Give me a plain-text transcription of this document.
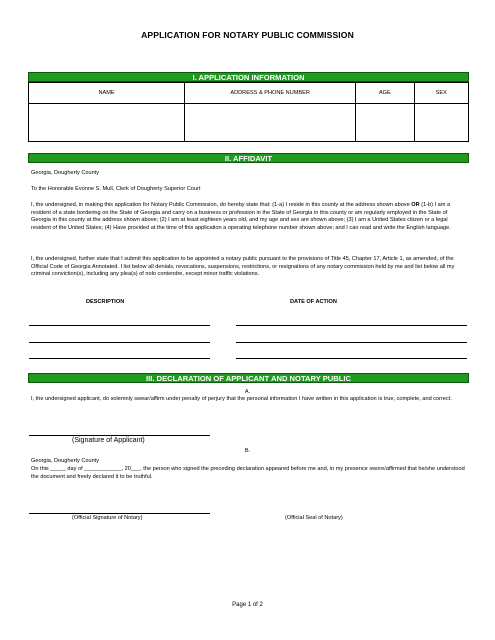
APPLICATION FOR NOTARY PUBLIC COMMISSION
I. APPLICATION INFORMATION
NAME	ADDRESS & PHONE NUMBER	AGE	SEX

II. AFFIDAVIT
Georgia, Dougherty County
To the Honorable Evonne S. Mull, Clerk of Dougherty Superior Court
I, the undersigned, in making this application for Notary Public Commission, do hereby state that: (1-a) I reside in this county at the address shown above OR (1-b) I am a resident of a state bordering on the State of Georgia and carry on a business or profession in the State of Georgia in this county or am regularly employed in the State of Georgia in this county at the address shown above; (2) I am at least eighteen years old, and my age and sex are shown above; (3) I am a United States citizen or a legal resident of the United States; (4) Have provided at the time of this application a operating telephone number shown above; and I can read and write the English language.
I, the undersigned, further state that I submit this application to be appointed a notary public pursuant to the provisions of Title 45, Chapter 17, Article 1, as amended, of the Official Code of Georgia Annotated. I list below all denials, revocations, suspensions, restrictions, or resignations of any notary commission held by me and list below all my criminal conviction(s), including any plea(s) of nolo contendre, except minor traffic violations.
DESCRIPTION	DATE OF ACTION
III. DECLARATION OF APPLICANT AND NOTARY PUBLIC
A.
I, the undersigned applicant, do solemnly swear/affirm under penalty of perjury that the personal information I have written in this application is true, complete, and correct.
(Signature of Applicant)
B.
Georgia, Dougherty County
On this _____ day of ____________, 20___, the person who signed the preceding declaration appeared before me and, in my presence swore/affirmed that he/she understood the document and freely declared it to be truthful.
(Official Signature of Notary)	(Official Seal of Notary)
Page 1 of 2
